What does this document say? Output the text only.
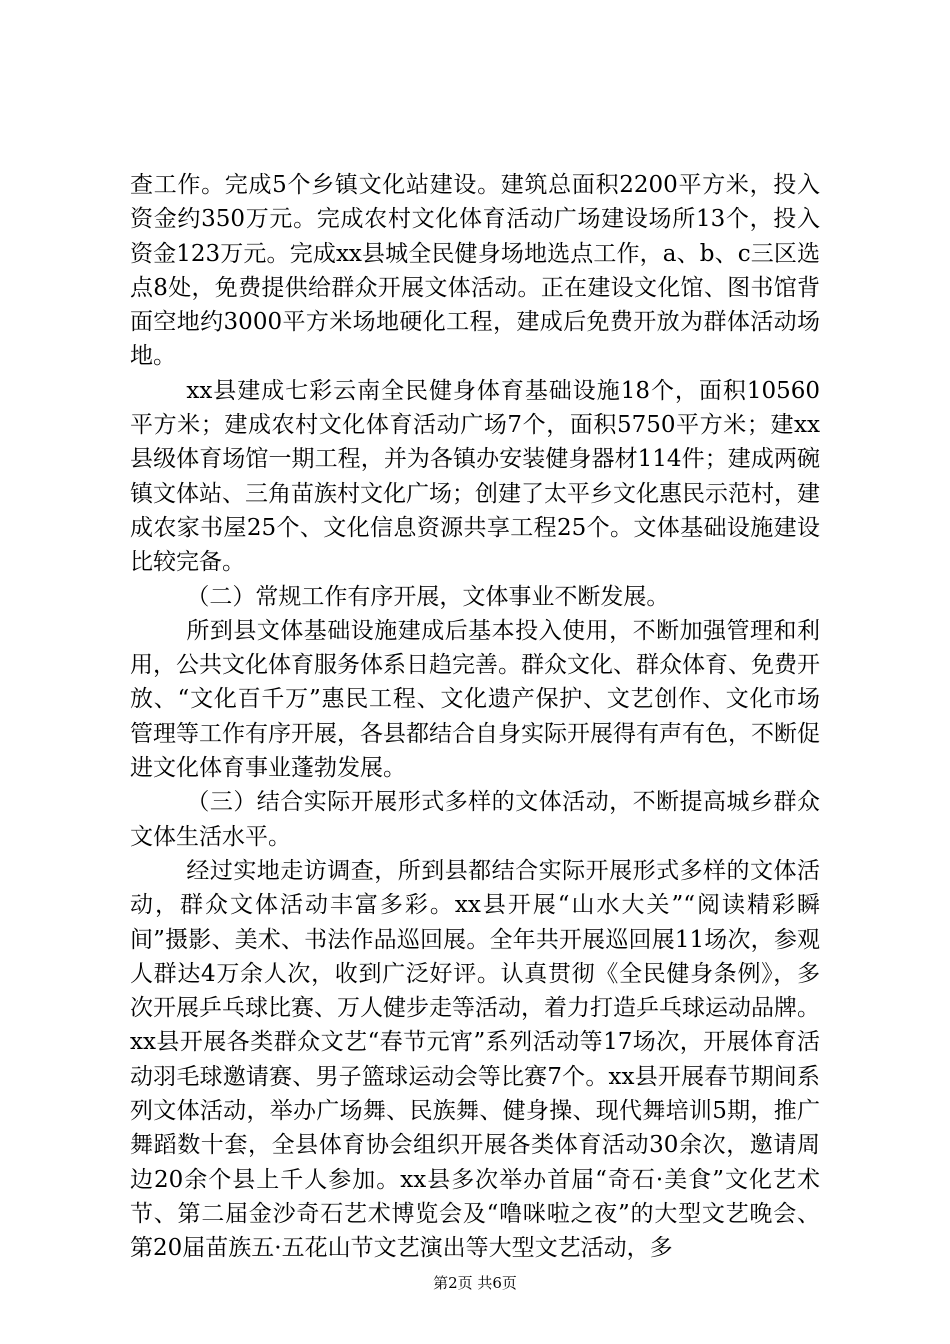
查工作。完成5个乡镇文化站建设。建筑总面积2200平方米，投入资金约350万元。完成农村文化体育活动广场建设场所13个，投入资金123万元。完成xx县城全民健身场地选点工作，a、b、c三区选点8处，免费提供给群众开展文体活动。正在建设文化馆、图书馆背面空地约3000平方米场地硬化工程，建成后免费开放为群体活动场地。

xx县建成七彩云南全民健身体育基础设施18个，面积10560平方米；建成农村文化体育活动广场7个，面积5750平方米；建xx县级体育场馆一期工程，并为各镇办安装健身器材114件；建成两碗镇文体站、三角苗族村文化广场；创建了太平乡文化惠民示范村，建成农家书屋25个、文化信息资源共享工程25个。文体基础设施建设比较完备。

（二）常规工作有序开展，文体事业不断发展。

所到县文体基础设施建成后基本投入使用，不断加强管理和利用，公共文化体育服务体系日趋完善。群众文化、群众体育、免费开放、“文化百千万”惠民工程、文化遗产保护、文艺创作、文化市场管理等工作有序开展，各县都结合自身实际开展得有声有色，不断促进文化体育事业蓬勃发展。

（三）结合实际开展形式多样的文体活动，不断提高城乡群众文体生活水平。

经过实地走访调查，所到县都结合实际开展形式多样的文体活动，群众文体活动丰富多彩。xx县开展“山水大关”“阅读精彩瞬间”摄影、美术、书法作品巡回展。全年共开展巡回展11场次，参观人群达4万余人次，收到广泛好评。认真贯彻《全民健身条例》，多次开展乒乓球比赛、万人健步走等活动，着力打造乒乓球运动品牌。xx县开展各类群众文艺“春节元宵”系列活动等17场次，开展体育活动羽毛球邀请赛、男子篮球运动会等比赛7个。xx县开展春节期间系列文体活动，举办广场舞、民族舞、健身操、现代舞培训5期，推广舞蹈数十套，全县体育协会组织开展各类体育活动30余次，邀请周边20余个县上千人参加。xx县多次举办首届“奇石·美食”文化艺术节、第二届金沙奇石艺术博览会及“噜咪啦之夜”的大型文艺晚会、第20届苗族五·五花山节文艺演出等大型文艺活动，多

第2页 共6页
